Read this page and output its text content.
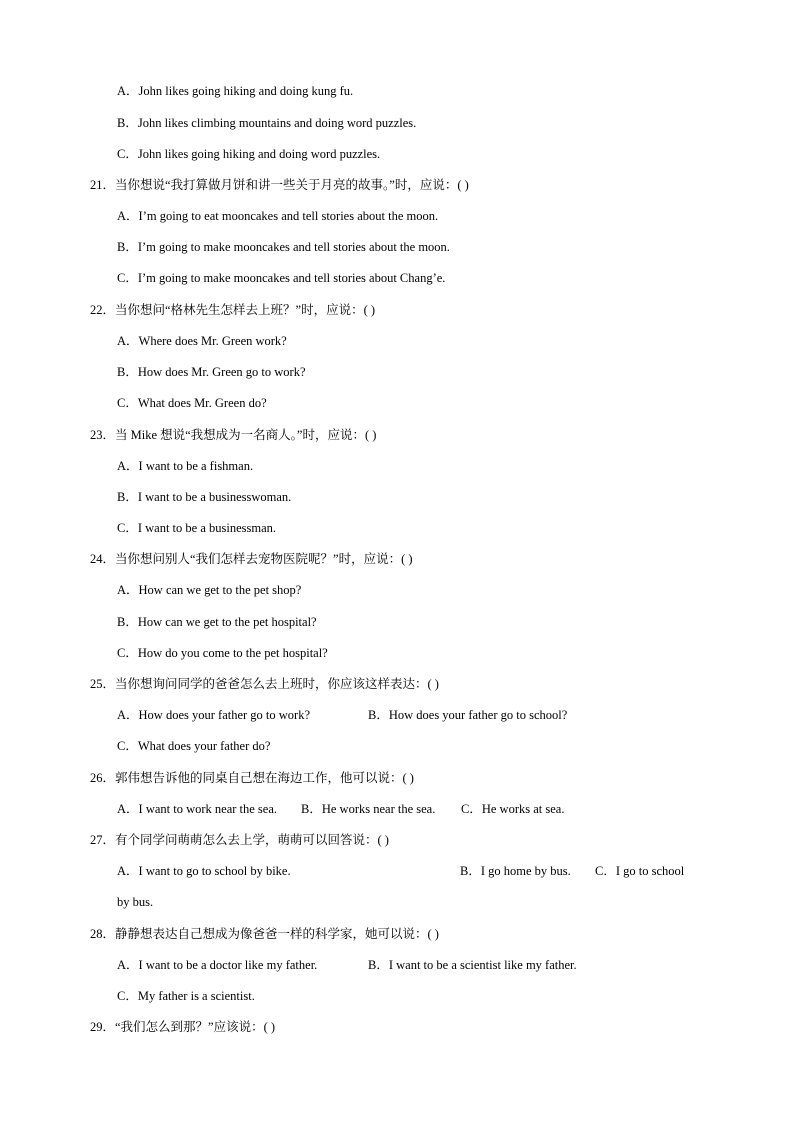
A．John likes going hiking and doing kung fu.
B．John likes climbing mountains and doing word puzzles.
C．John likes going hiking and doing word puzzles.
21．当你想说“我打算做月饼和讲一些关于月亮的故事。”时，应说：( )
A．I’m going to eat mooncakes and tell stories about the moon.
B．I’m going to make mooncakes and tell stories about the moon.
C．I’m going to make mooncakes and tell stories about Chang’e.
22．当你想问“格林先生怎样去上班？”时，应说：( )
A．Where does Mr. Green work?
B．How does Mr. Green go to work?
C．What does Mr. Green do?
23．当 Mike 想说“我想成为一名商人。”时，应说：( )
A．I want to be a fishman.
B．I want to be a businesswoman.
C．I want to be a businessman.
24．当你想问别人“我们怎样去宠物医院呢？”时，应说：( )
A．How can we get to the pet shop?
B．How can we get to the pet hospital?
C．How do you come to the pet hospital?
25．当你想询问同学的爸爸怎么去上班时，你应该这样表达：( )
A．How does your father go to work?	B．How does your father go to school?
C．What does your father do?
26．郭伟想告诉他的同桌自己想在海边工作，他可以说：( )
A．I want to work near the sea. B．He works near the sea. C．He works at sea.
27．有个同学问萌萌怎么去上学，萌萌可以回答说：( )
A．I want to go to school by bike.	B．I go home by bus. C．I go to school
by bus.
28．静静想表达自己想成为像爸爸一样的科学家，她可以说：( )
A．I want to be a doctor like my father.	B．I want to be a scientist like my father.
C．My father is a scientist.
29．“我们怎么到那？”应该说：( )
